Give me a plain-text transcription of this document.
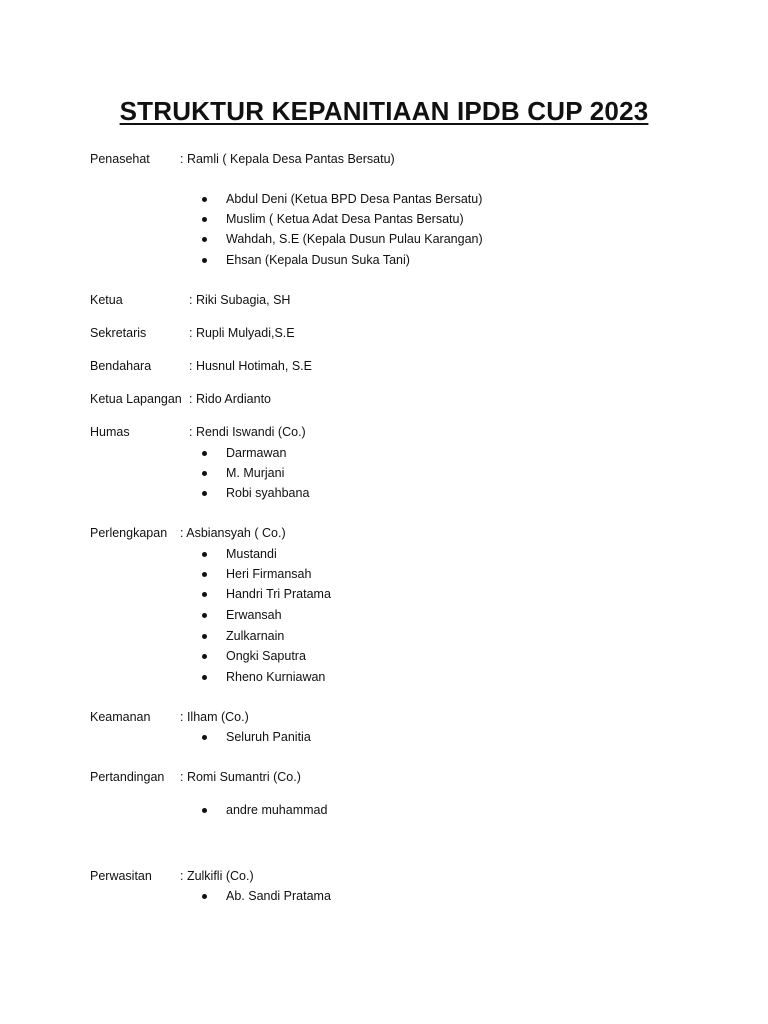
STRUKTUR KEPANITIAAN IPDB CUP 2023
Penasehat : Ramli ( Kepala Desa Pantas Bersatu)
Abdul Deni (Ketua BPD Desa Pantas Bersatu)
Muslim ( Ketua Adat Desa Pantas Bersatu)
Wahdah, S.E (Kepala Dusun Pulau Karangan)
Ehsan (Kepala Dusun Suka Tani)
Ketua	: Riki Subagia, SH
Sekretaris	: Rupli Mulyadi,S.E
Bendahara	: Husnul Hotimah, S.E
Ketua Lapangan : Rido Ardianto
Humas	: Rendi Iswandi (Co.)
Darmawan
M. Murjani
Robi syahbana
Perlengkapan : Asbiansyah ( Co.)
Mustandi
Heri Firmansah
Handri Tri Pratama
Erwansah
Zulkarnain
Ongki Saputra
Rheno Kurniawan
Keamanan : Ilham (Co.)
Seluruh Panitia
Pertandingan : Romi Sumantri (Co.)
andre muhammad
Perwasitan : Zulkifli (Co.)
Ab. Sandi Pratama
